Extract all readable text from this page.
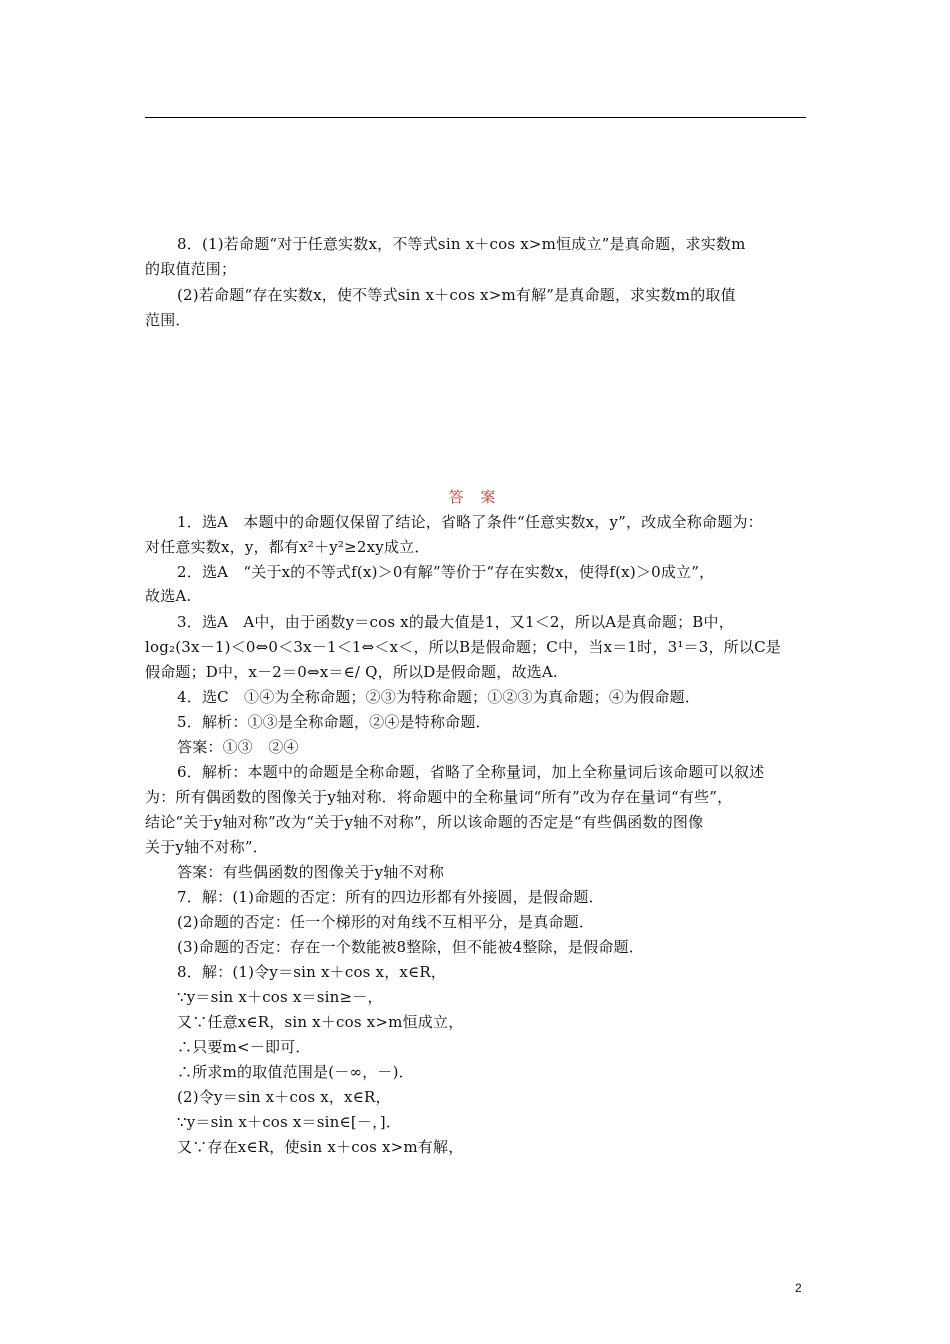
8．(1)若命题“对于任意实数x，不等式sin x＋cos x>m恒成立”是真命题，求实数m
的取值范围；
(2)若命题“存在实数x，使不等式sin x＋cos x>m有解”是真命题，求实数m的取值
范围．
答 案
1．选A　本题中的命题仅保留了结论，省略了条件“任意实数x，y”，改成全称命题为：
对任意实数x，y，都有x²＋y²≥2xy成立．
2．选A　“关于x的不等式f(x)＞0有解”等价于“存在实数x，使得f(x)＞0成立”，
故选A.
3．选A　A中，由于函数y＝cos x的最大值是1，又1＜2，所以A是真命题；B中，
log₂(3x－1)＜0⇔0＜3x－1＜1⇔＜x＜，所以B是假命题；C中，当x＝1时，3¹＝3，所以C是
假命题；D中，x－2＝0⇔x＝∈/ Q，所以D是假命题，故选A.
4．选C　①④为全称命题；②③为特称命题；①②③为真命题；④为假命题．
5．解析：①③是全称命题，②④是特称命题．
答案：①③　②④
6．解析：本题中的命题是全称命题，省略了全称量词，加上全称量词后该命题可以叙述
为：所有偶函数的图像关于y轴对称．将命题中的全称量词“所有”改为存在量词“有些”，
结论“关于y轴对称”改为“关于y轴不对称”，所以该命题的否定是“有些偶函数的图像
关于y轴不对称”．
答案：有些偶函数的图像关于y轴不对称
7．解：(1)命题的否定：所有的四边形都有外接圆，是假命题．
(2)命题的否定：任一个梯形的对角线不互相平分，是真命题．
(3)命题的否定：存在一个数能被8整除，但不能被4整除，是假命题．
8．解：(1)令y＝sin x＋cos x，x∈R，
∵y＝sin x＋cos x＝sin≥－，
又∵任意x∈R，sin x＋cos x>m恒成立，
∴只要m<－即可．
∴所求m的取值范围是(－∞，－)．
(2)令y＝sin x＋cos x，x∈R，
∵y＝sin x＋cos x＝sin∈[－，]．
又∵存在x∈R，使sin x＋cos x>m有解，
2
